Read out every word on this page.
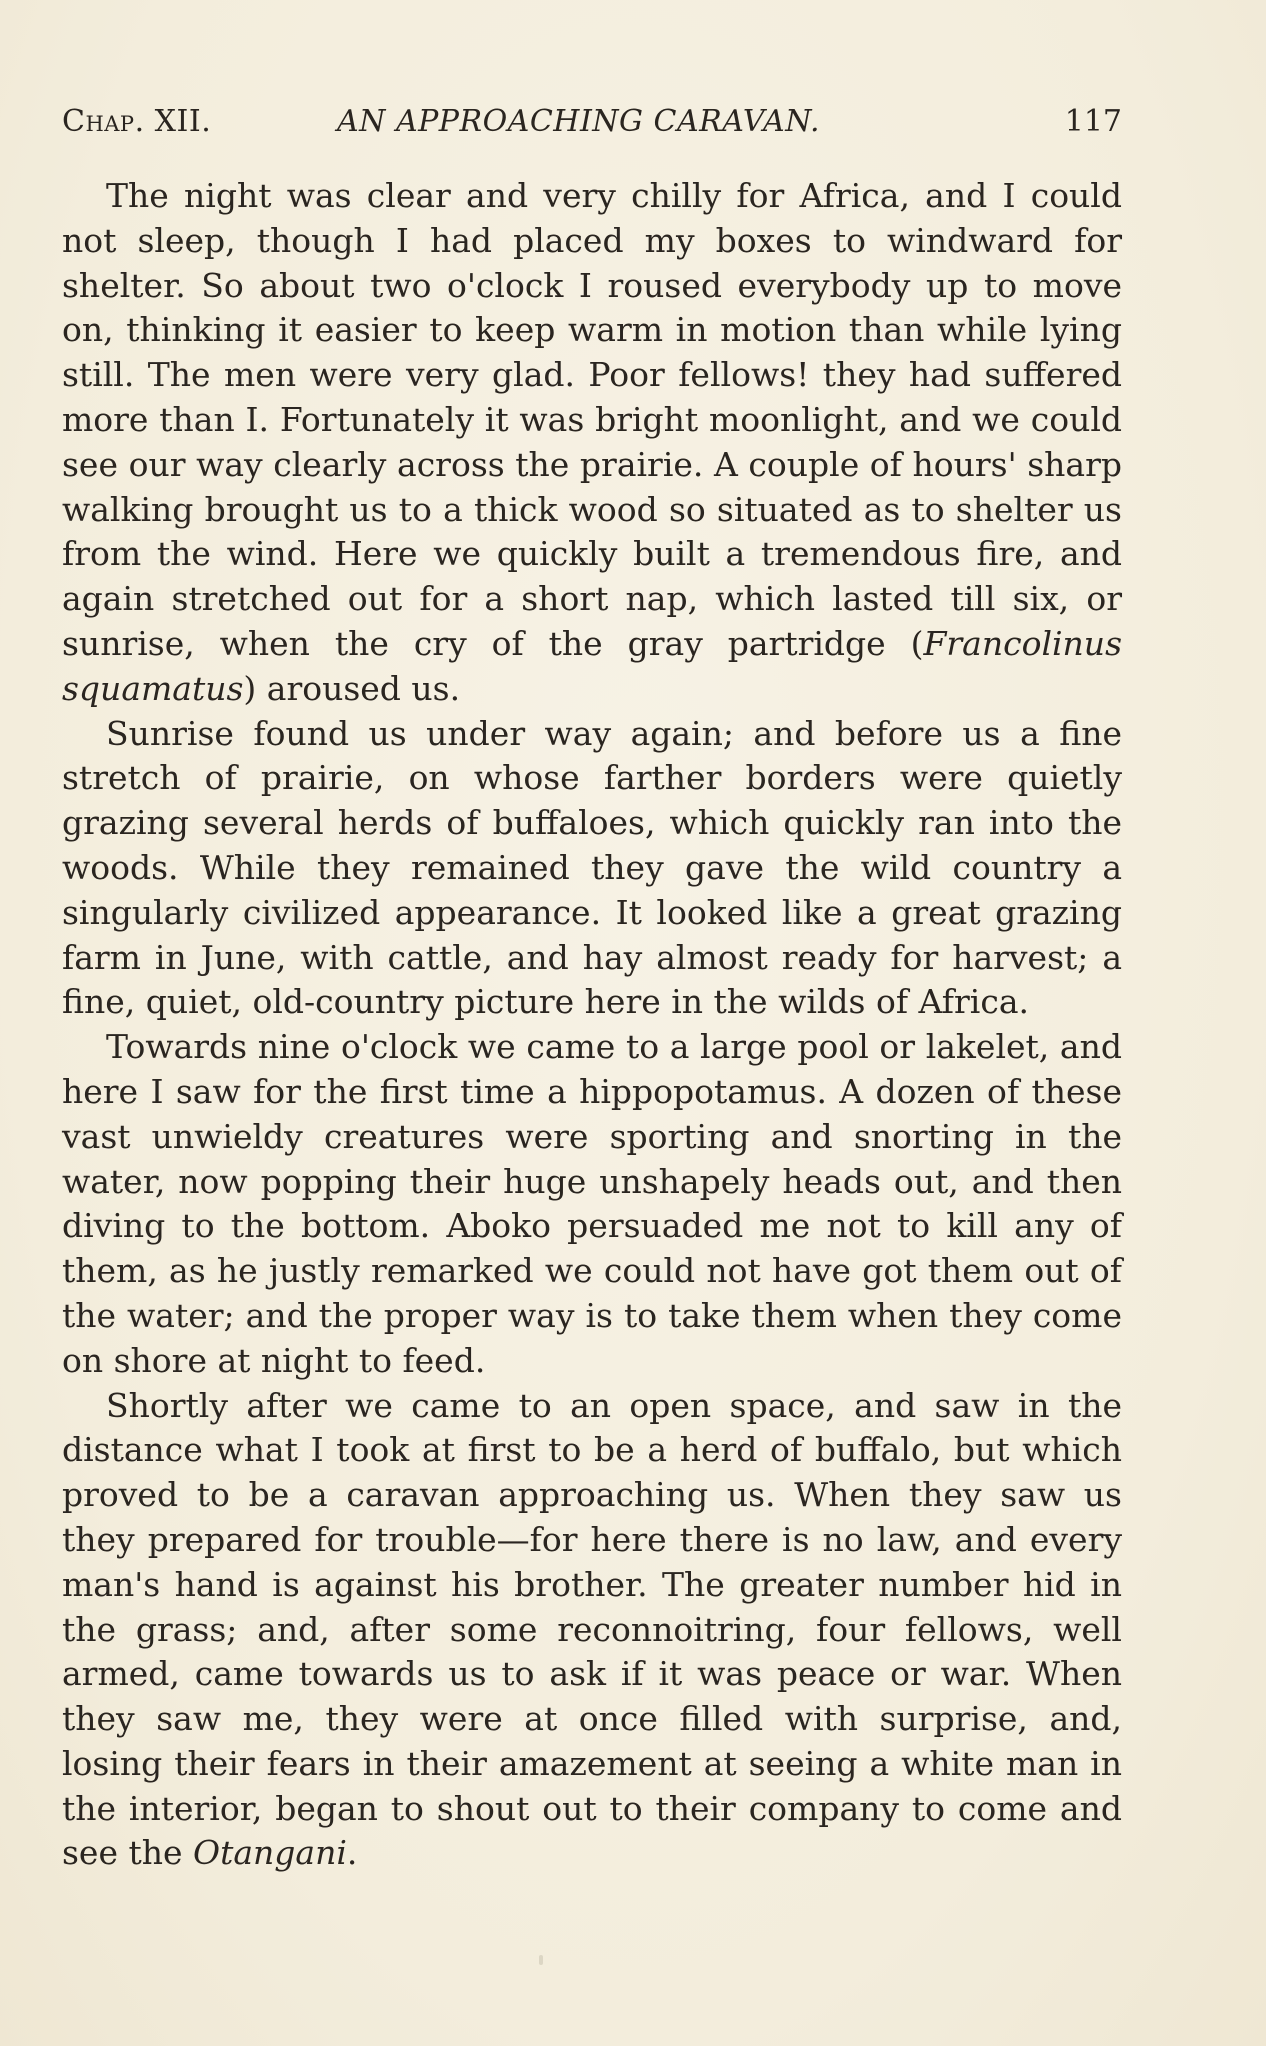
Chap. XII.	AN APPROACHING CARAVAN.	117

The night was clear and very chilly for Africa, and I could not sleep, though I had placed my boxes to windward for shelter. So about two o'clock I roused everybody up to move on, thinking it easier to keep warm in motion than while lying still. The men were very glad. Poor fellows! they had suffered more than I. Fortunately it was bright moonlight, and we could see our way clearly across the prairie. A couple of hours' sharp walking brought us to a thick wood so situated as to shelter us from the wind. Here we quickly built a tremendous fire, and again stretched out for a short nap, which lasted till six, or sunrise, when the cry of the gray partridge (Francolinus squamatus) aroused us.

Sunrise found us under way again; and before us a fine stretch of prairie, on whose farther borders were quietly grazing several herds of buffaloes, which quickly ran into the woods. While they remained they gave the wild country a singularly civilized appearance. It looked like a great grazing farm in June, with cattle, and hay almost ready for harvest; a fine, quiet, old-country picture here in the wilds of Africa.

Towards nine o'clock we came to a large pool or lakelet, and here I saw for the first time a hippopotamus. A dozen of these vast unwieldy creatures were sporting and snorting in the water, now popping their huge unshapely heads out, and then diving to the bottom. Aboko persuaded me not to kill any of them, as he justly remarked we could not have got them out of the water; and the proper way is to take them when they come on shore at night to feed.

Shortly after we came to an open space, and saw in the distance what I took at first to be a herd of buffalo, but which proved to be a caravan approaching us. When they saw us they prepared for trouble—for here there is no law, and every man's hand is against his brother. The greater number hid in the grass; and, after some reconnoitring, four fellows, well armed, came towards us to ask if it was peace or war. When they saw me, they were at once filled with surprise, and, losing their fears in their amazement at seeing a white man in the interior, began to shout out to their company to come and see the Otangani.
